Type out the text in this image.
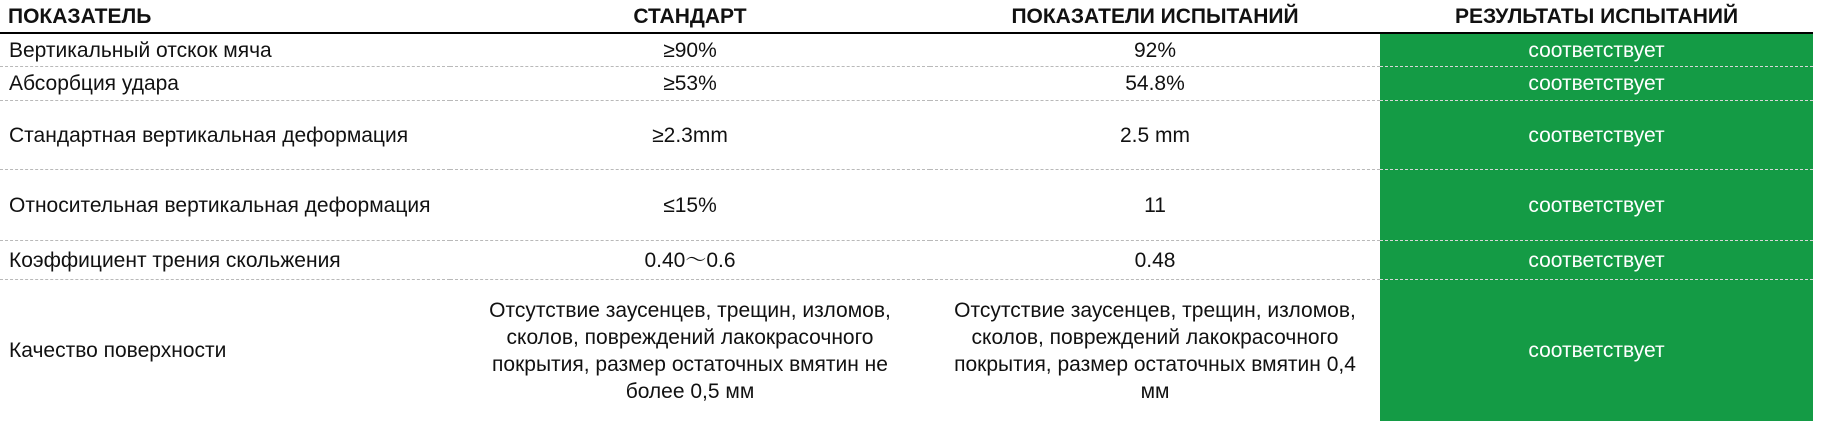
ПОКАЗАТЕЛЬ	СТАНДАРТ	ПОКАЗАТЕЛИ ИСПЫТАНИЙ	РЕЗУЛЬТАТЫ ИСПЫТАНИЙ
Вертикальный отскок мяча	≥90%	92%	соответствует
Абсорбция удара	≥53%	54.8%	соответствует
Стандартная вертикальная деформация	≥2.3mm	2.5 mm	соответствует
Относительная вертикальная деформация	≤15%	11	соответствует
Коэффициент трения скольжения	0.40～0.6	0.48	соответствует
Качество поверхности	Отсутствие заусенцев, трещин, изломов, сколов, повреждений лакокрасочного покрытия, размер остаточных вмятин не более 0,5 мм	Отсутствие заусенцев, трещин, изломов, сколов, повреждений лакокрасочного покрытия, размер остаточных вмятин 0,4 мм	соответствует
